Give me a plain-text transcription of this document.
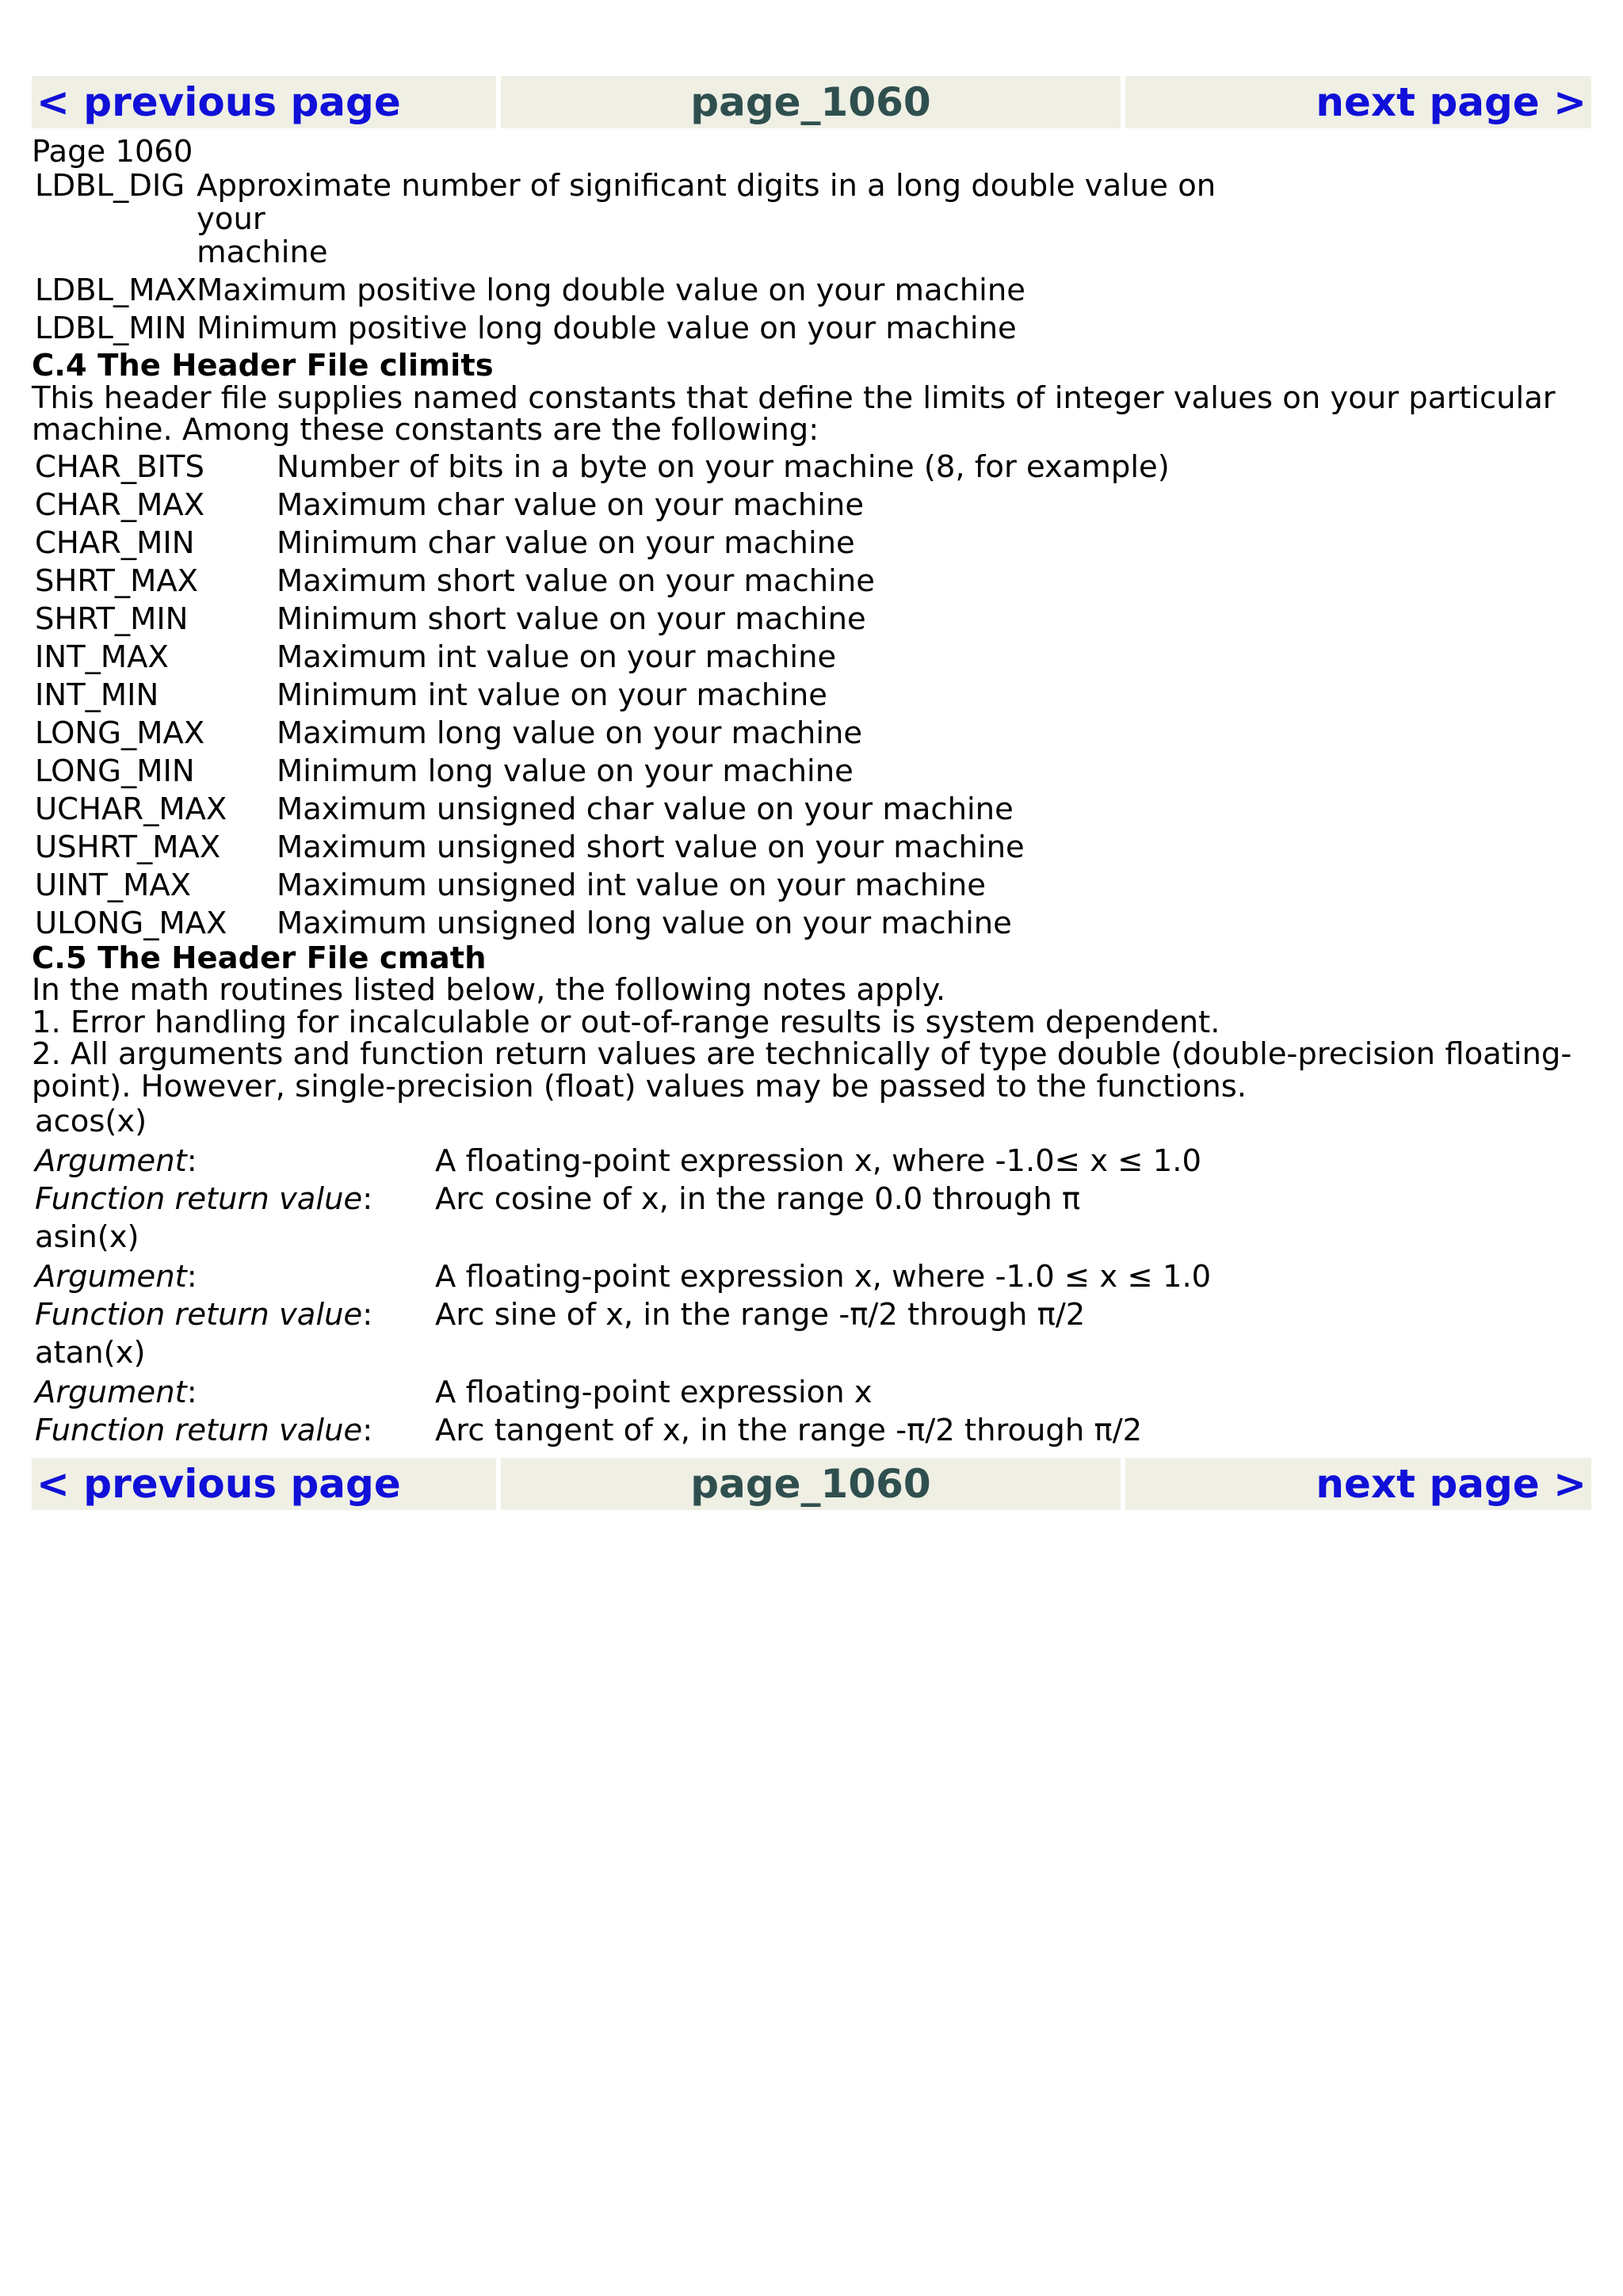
< previous page	page_1060	next page >

Page 1060

LDBL_DIG	Approximate number of significant digits in a long double value on your
machine

LDBL_MAX	Maximum positive long double value on your machine

LDBL_MIN	Minimum positive long double value on your machine

C.4 The Header File climits

This header file supplies named constants that define the limits of integer values on your particular

machine. Among these constants are the following:

CHAR_BITS	Number of bits in a byte on your machine (8, for example)
CHAR_MAX	Maximum char value on your machine
CHAR_MIN	Minimum char value on your machine
SHRT_MAX	Maximum short value on your machine
SHRT_MIN	Minimum short value on your machine
INT_MAX	Maximum int value on your machine
INT_MIN	Minimum int value on your machine
LONG_MAX	Maximum long value on your machine
LONG_MIN	Minimum long value on your machine
UCHAR_MAX	Maximum unsigned char value on your machine
USHRT_MAX	Maximum unsigned short value on your machine
UINT_MAX	Maximum unsigned int value on your machine
ULONG_MAX	Maximum unsigned long value on your machine

C.5 The Header File cmath

In the math routines listed below, the following notes apply.

1. Error handling for incalculable or out-of-range results is system dependent.

2. All arguments and function return values are technically of type double (double-precision floating-

point). However, single-precision (float) values may be passed to the functions.

acos(x)

Argument:	A floating-point expression x, where -1.0≤ x ≤ 1.0
Function return value:	Arc cosine of x, in the range 0.0 through π

asin(x)

Argument:	A floating-point expression x, where -1.0 ≤ x ≤ 1.0
Function return value:	Arc sine of x, in the range -π/2 through π/2

atan(x)

Argument:	A floating-point expression x
Function return value:	Arc tangent of x, in the range -π/2 through π/2
< previous page	page_1060	next page >
